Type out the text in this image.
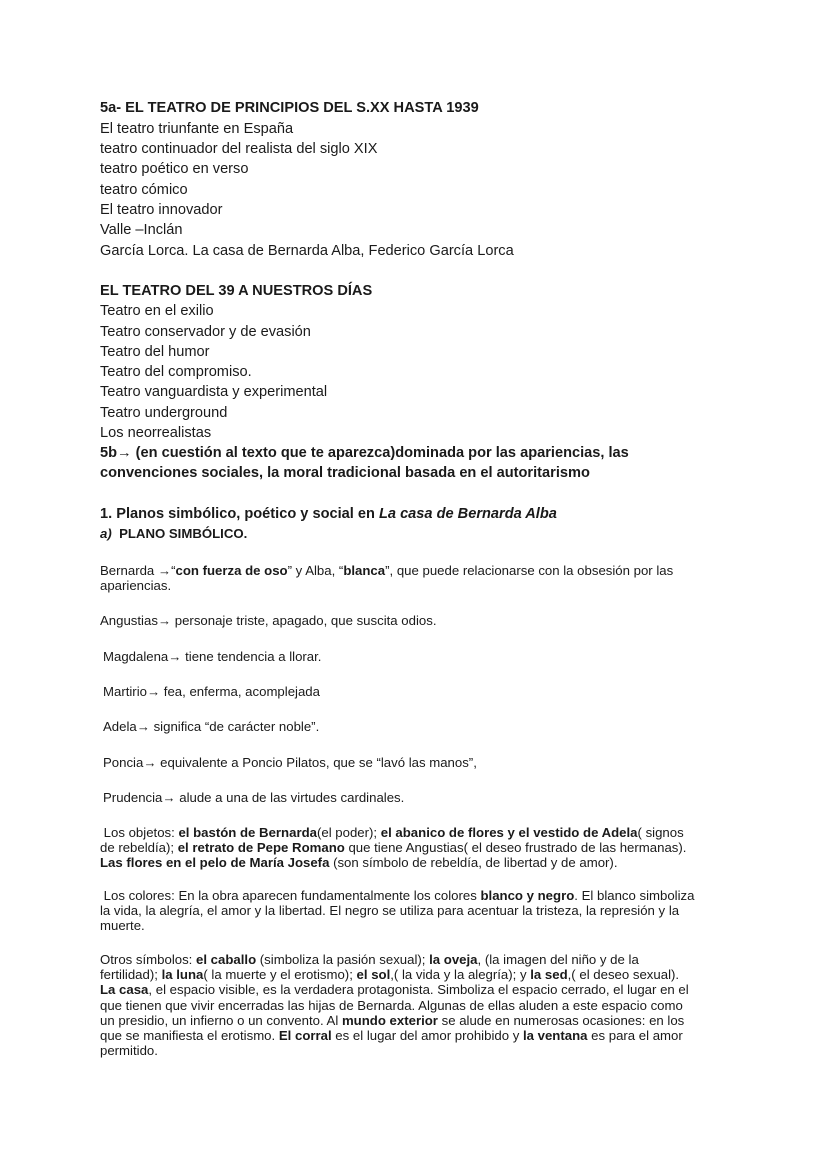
5a- EL TEATRO DE PRINCIPIOS DEL S.XX HASTA 1939
El teatro triunfante en España
teatro continuador del realista del siglo XIX
teatro poético en verso
teatro cómico
El teatro innovador
Valle –Inclán
García Lorca. La casa de Bernarda Alba, Federico García Lorca
EL TEATRO DEL 39 A NUESTROS DÍAS
Teatro en el exilio
Teatro conservador y de evasión
Teatro del humor
Teatro del compromiso.
Teatro vanguardista y experimental
Teatro underground
Los neorrealistas
5b→ (en cuestión al texto que te aparezca)dominada por las apariencias, las
convenciones sociales, la moral tradicional basada en el autoritarismo
1. Planos simbólico, poético y social en La casa de Bernarda Alba
a) PLANO SIMBÓLICO.

Bernarda →“con fuerza de oso” y Alba, “blanca”, que puede relacionarse con la obsesión por las

apariencias.

Angustias→ personaje triste, apagado, que suscita odios.
Magdalena→ tiene tendencia a llorar.
Martirio→ fea, enferma, acomplejada
Adela→ significa “de carácter noble”.
Poncia→ equivalente a Poncio Pilatos, que se “lavó las manos”,
Prudencia→ alude a una de las virtudes cardinales.

Los objetos: el bastón de Bernarda(el poder); el abanico de flores y el vestido de Adela( signos

de rebeldía); el retrato de Pepe Romano que tiene Angustias( el deseo frustrado de las hermanas).

Las flores en el pelo de María Josefa (son símbolo de rebeldía, de libertad y de amor).

Los colores: En la obra aparecen fundamentalmente los colores blanco y negro. El blanco simboliza

la vida, la alegría, el amor y la libertad. El negro se utiliza para acentuar la tristeza, la represión y la

muerte.

Otros símbolos: el caballo (simboliza la pasión sexual); la oveja, (la imagen del niño y de la

fertilidad); la luna( la muerte y el erotismo); el sol,( la vida y la alegría); y la sed,( el deseo sexual).

La casa, el espacio visible, es la verdadera protagonista. Simboliza el espacio cerrado, el lugar en el

que tienen que vivir encerradas las hijas de Bernarda. Algunas de ellas aluden a este espacio como

un presidio, un infierno o un convento. Al mundo exterior se alude en numerosas ocasiones: en los

que se manifiesta el erotismo. El corral es el lugar del amor prohibido y la ventana es para el amor

permitido.
